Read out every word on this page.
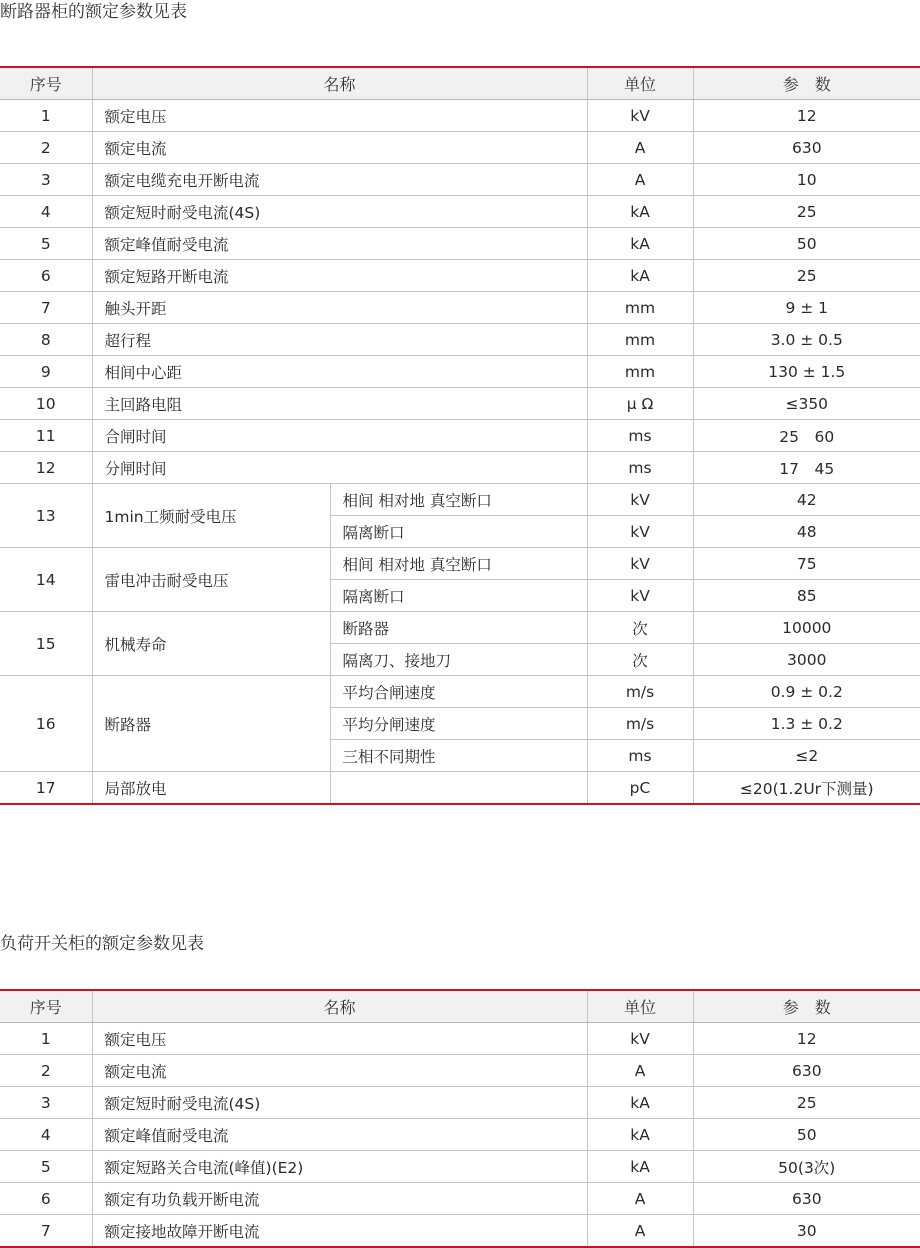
断路器柜的额定参数见表
序号	名称		单位	参　数
1	额定电压		kV	12
2	额定电流		A	630
3	额定电缆充电开断电流		A	10
4	额定短时耐受电流(4S)		kA	25
5	额定峰值耐受电流		kA	50
6	额定短路开断电流		kA	25
7	触头开距		mm	9 ± 1
8	超行程		mm	3.0 ± 0.5
9	相间中心距		mm	130 ± 1.5
10	主回路电阻		μ Ω	≤350
11	合闸时间		ms	25　60
12	分闸时间		ms	17　45
13	1min工频耐受电压	相间 相对地 真空断口	kV	42
		隔离断口	kV	48
14	雷电冲击耐受电压	相间 相对地 真空断口	kV	75
		隔离断口	kV	85
15	机械寿命	断路器	次	10000
		隔离刀、接地刀	次	3000
16	断路器	平均合闸速度	m/s	0.9 ± 0.2
		平均分闸速度	m/s	1.3 ± 0.2
		三相不同期性	ms	≤2
17	局部放电		pC	≤20(1.2Ur下测量)
负荷开关柜的额定参数见表
序号	名称	单位	参　数
1	额定电压	kV	12
2	额定电流	A	630
3	额定短时耐受电流(4S)	kA	25
4	额定峰值耐受电流	kA	50
5	额定短路关合电流(峰值)(E2)	kA	50(3次)
6	额定有功负载开断电流	A	630
7	额定接地故障开断电流	A	30
